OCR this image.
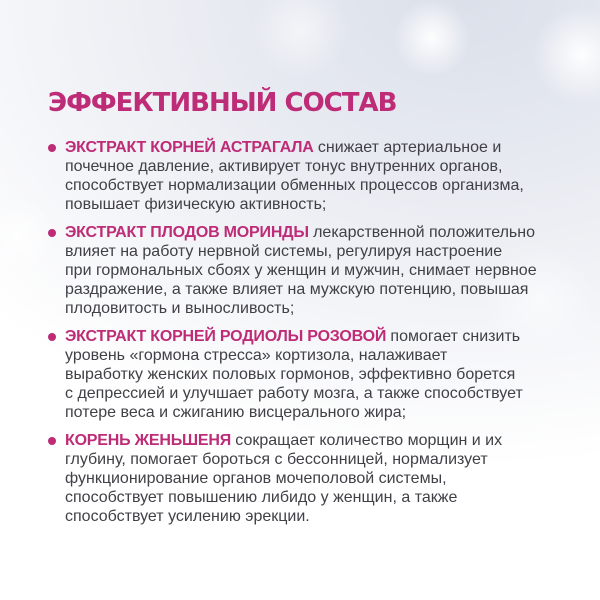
ЭФФЕКТИВНЫЙ СОСТАВ
ЭКСТРАКТ КОРНЕЙ АСТРАГАЛА снижает артериальное и
почечное давление, активирует тонус внутренних органов,
способствует нормализации обменных процессов организма,
повышает физическую активность;
ЭКСТРАКТ ПЛОДОВ МОРИНДЫ лекарственной положительно
влияет на работу нервной системы, регулируя настроение
при гормональных сбоях у женщин и мужчин, снимает нервное
раздражение, а также влияет на мужскую потенцию, повышая
плодовитость и выносливость;
ЭКСТРАКТ КОРНЕЙ РОДИОЛЫ РОЗОВОЙ помогает снизить
уровень «гормона стресса» кортизола, налаживает
выработку женских половых гормонов, эффективно борется
с депрессией и улучшает работу мозга, а также способствует
потере веса и сжиганию висцерального жира;
КОРЕНЬ ЖЕНЬШЕНЯ сокращает количество морщин и их
глубину, помогает бороться с бессонницей, нормализует
функционирование органов мочеполовой системы,
способствует повышению либидо у женщин, а также
способствует усилению эрекции.
